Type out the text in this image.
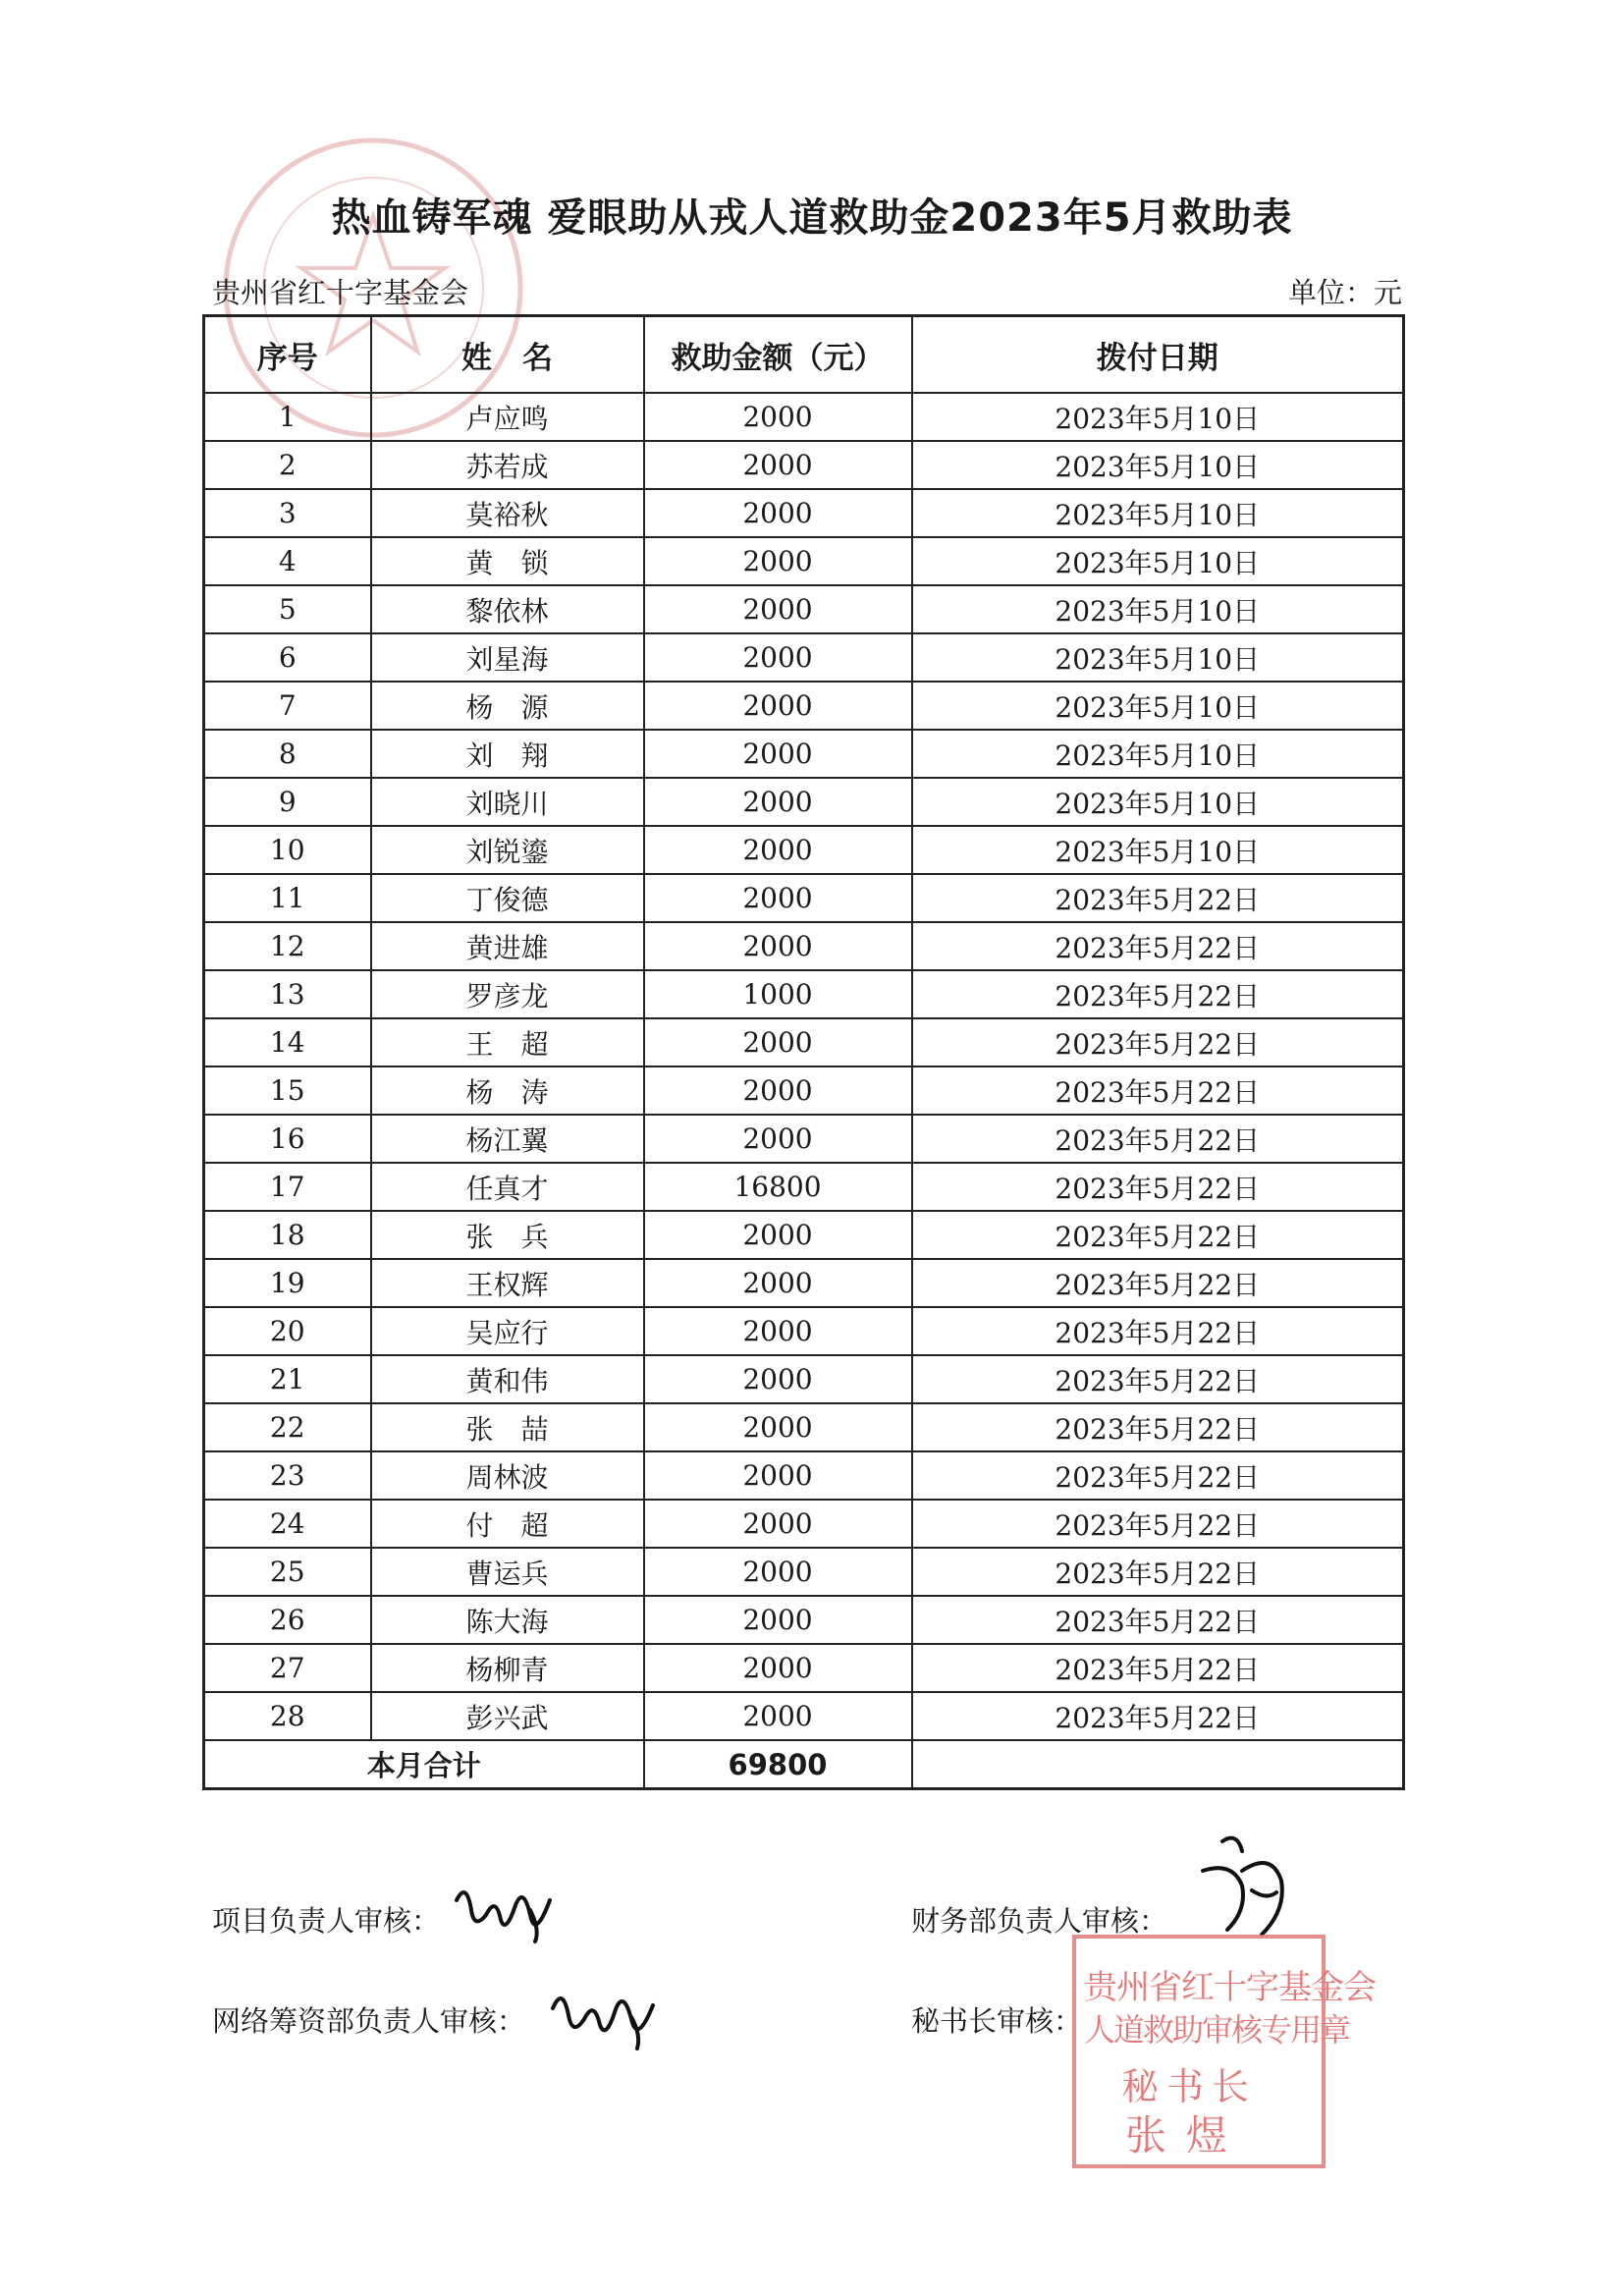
热血铸军魂 爱眼助从戎人道救助金2023年5月救助表
贵州省红十字基金会	单位：元
序号	姓　名	救助金额（元）	拨付日期
1	卢应鸣	2000	2023年5月10日
2	苏若成	2000	2023年5月10日
3	莫裕秋	2000	2023年5月10日
4	黄　锁	2000	2023年5月10日
5	黎依林	2000	2023年5月10日
6	刘星海	2000	2023年5月10日
7	杨　源	2000	2023年5月10日
8	刘　翔	2000	2023年5月10日
9	刘晓川	2000	2023年5月10日
10	刘锐鎏	2000	2023年5月10日
11	丁俊德	2000	2023年5月22日
12	黄进雄	2000	2023年5月22日
13	罗彦龙	1000	2023年5月22日
14	王　超	2000	2023年5月22日
15	杨　涛	2000	2023年5月22日
16	杨江翼	2000	2023年5月22日
17	任真才	16800	2023年5月22日
18	张　兵	2000	2023年5月22日
19	王权辉	2000	2023年5月22日
20	吴应行	2000	2023年5月22日
21	黄和伟	2000	2023年5月22日
22	张　喆	2000	2023年5月22日
23	周林波	2000	2023年5月22日
24	付　超	2000	2023年5月22日
25	曹运兵	2000	2023年5月22日
26	陈大海	2000	2023年5月22日
27	杨柳青	2000	2023年5月22日
28	彭兴武	2000	2023年5月22日
本月合计		69800	
项目负责人审核：	财务部负责人审核：
网络筹资部负责人审核：	秘书长审核：
贵州省红十字基金会
人道救助审核专用章
秘书长
张煜
